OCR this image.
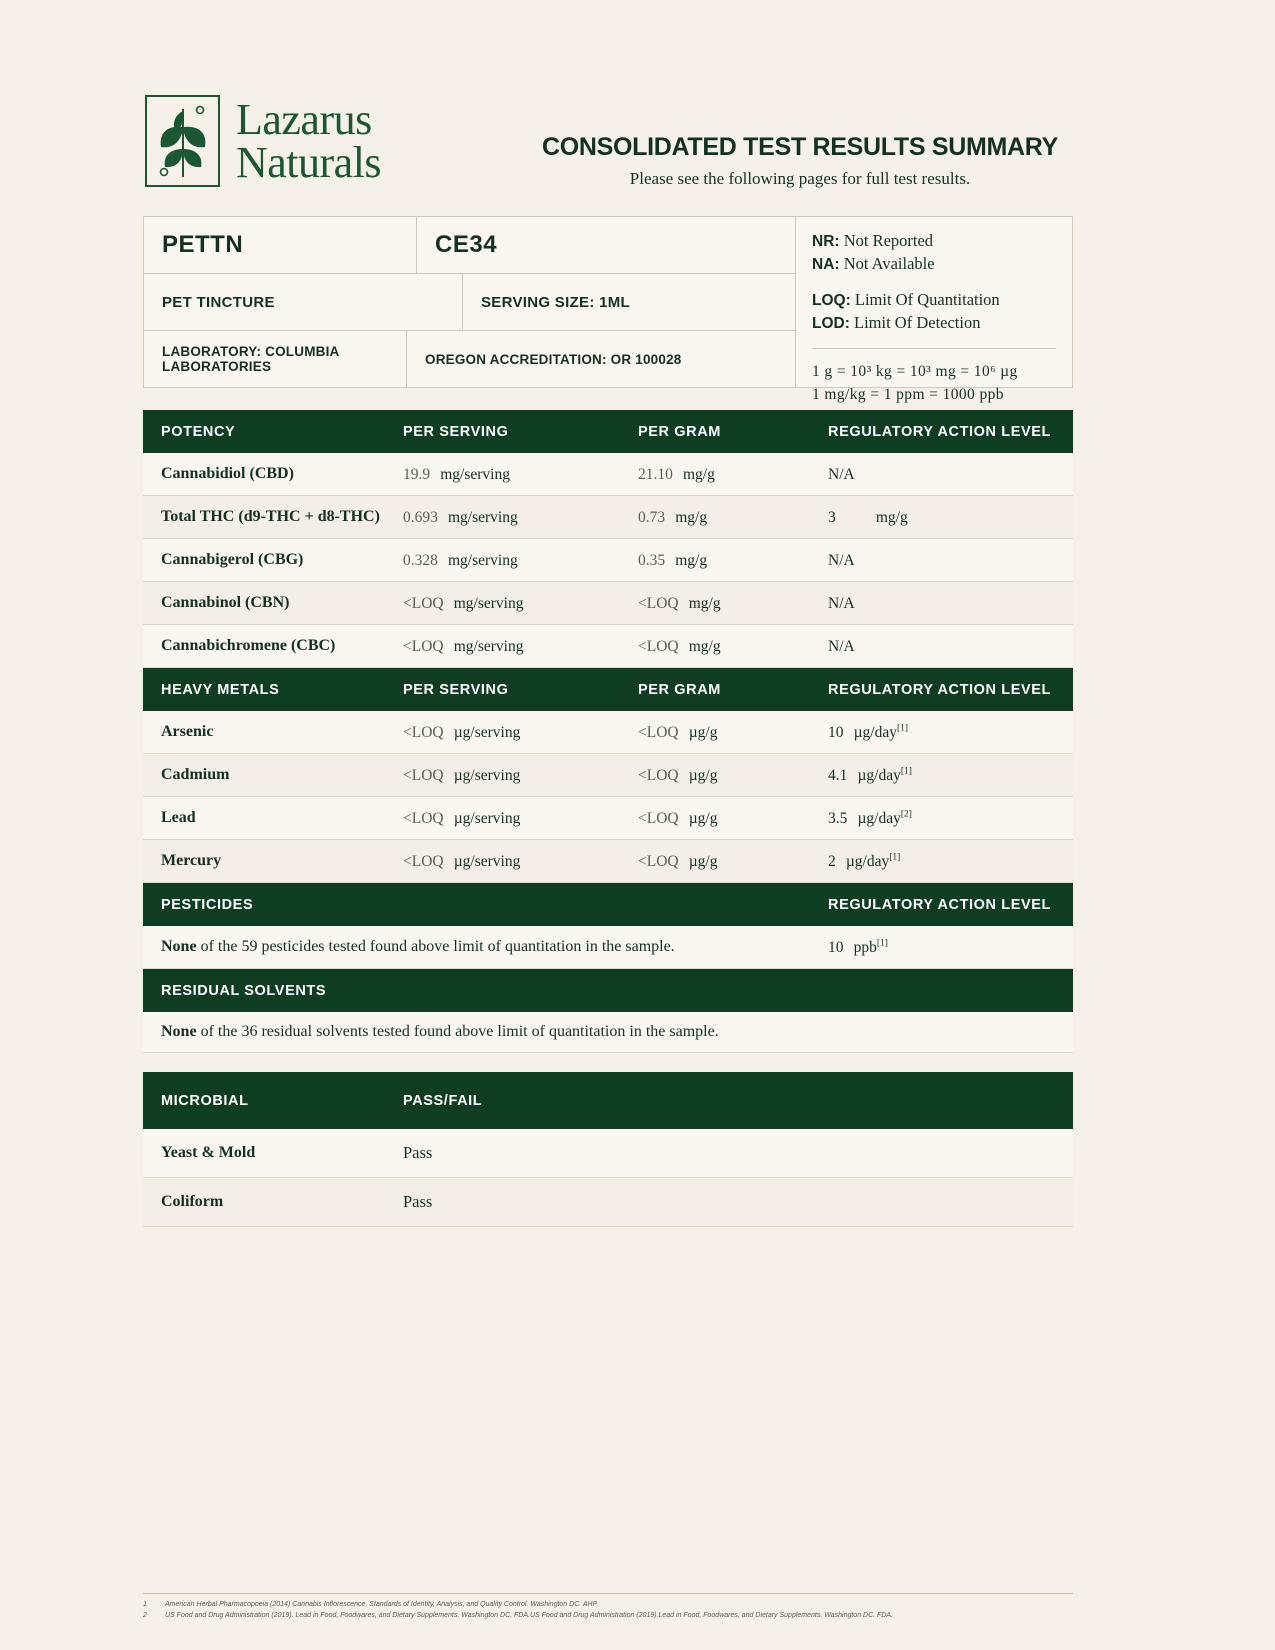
Lazarus
Naturals	CONSOLIDATED TEST RESULTS SUMMARY
Please see the following pages for full test results.
PETTN	CE34
PET TINCTURE	SERVING SIZE: 1ML
LABORATORY: COLUMBIA LABORATORIES	OREGON ACCREDITATION: OR 100028
NR: Not Reported
NA: Not Available
LOQ: Limit Of Quantitation
LOD: Limit Of Detection
1 g = 10³ kg = 10³ mg = 10⁶ µg
1 mg/kg = 1 ppm = 1000 ppb
POTENCY	PER SERVING	PER GRAM	REGULATORY ACTION LEVEL
Cannabidiol (CBD)	19.9 mg/serving	21.10 mg/g	N/A
Total THC (d9-THC + d8-THC)	0.693 mg/serving	0.73 mg/g	3 mg/g
Cannabigerol (CBG)	0.328 mg/serving	0.35 mg/g	N/A
Cannabinol (CBN)	<LOQ mg/serving	<LOQ mg/g	N/A
Cannabichromene (CBC)	<LOQ mg/serving	<LOQ mg/g	N/A
HEAVY METALS	PER SERVING	PER GRAM	REGULATORY ACTION LEVEL
Arsenic	<LOQ µg/serving	<LOQ µg/g	10 µg/day[1]
Cadmium	<LOQ µg/serving	<LOQ µg/g	4.1 µg/day[1]
Lead	<LOQ µg/serving	<LOQ µg/g	3.5 µg/day[2]
Mercury	<LOQ µg/serving	<LOQ µg/g	2 µg/day[1]
PESTICIDES			REGULATORY ACTION LEVEL
None of the 59 pesticides tested found above limit of quantitation in the sample.			10 ppb[1]
RESIDUAL SOLVENTS			
None of the 36 residual solvents tested found above limit of quantitation in the sample.			
MICROBIAL	PASS/FAIL
Yeast & Mold	Pass
Coliform	Pass
1	American Herbal Pharmacopoeia (2014) Cannabis Inflorescence. Standards of Identity, Analysis, and Quality Control. Washington DC. AHP.
2	US Food and Drug Administration (2019). Lead in Food, Foodwares, and Dietary Supplements. Washington DC. FDA.US Food and Drug Administration (2019).Lead in Food, Foodwares, and Dietary Supplements. Washington DC. FDA.
